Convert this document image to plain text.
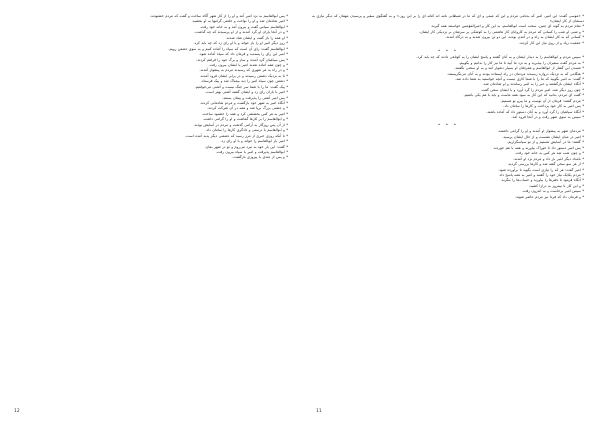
* «موسی گفت: این امیر، امیر که بدنامی مردم و این که عیمی و ای که ما در شیطانی نامه اند کتانه ای را بر این روز.» و به گفتگوی سفیر و پرسیدن مهمان که دیگر نیازی به دستمان از کار ایشان»

* تمام مردم به گونه ای چنین، سخت است ابوالقاسم، به این کار و امیرالمؤمنین خواستند همه گیرند.

* و شبی او شب را کسانی که مردم به کاروانان کار هاشمی را به کوشکی بر سرشان بر نزدیکی کار ایشان.

* کسانی که به کار ایشان به راه و در آمدن بودند، این دو تن بیرون شدند و به درگاه آمدند.

* جمعیت زیاد و از روی نیاز این کار کردند.

• • •

* سپس مردم و ابوالقاسم را به دیدار ایشان و به آنان گفتند و پاسخ ایشان را به کوتاهی دادند که چه باید کرد.

* به مردم گفت سفیران را بپذیرید و به نزد ما آیید تا ما نیز کار را بدانیم و بگوییم.

* شنیدن این گفتار از ابوالقاسم و همراهان او بسیار دشوار آمد و به او سخنی نگفتند.

* هنگامی که به نزدیک دروازه رسیدند مردمان در راه ایستاده بودند و به آنان می‌نگریستند.

* گفت: به امیر بگویید که ما را با شما کاری نیست و آنچه خواستید به شما داده شد.

* آنگاه ایشان بازگشتند و خبر را به امیر رساندند و او شادمان شد.

* چون روز دیگر شد، امیر مردم را گرد آورد و با ایشان سخن گفت.

* گفت ای مردم، بدانید که این کار به سود همه ماست و باید با هم یکی باشیم.

* مردم گفتند: فرمان از آن توست و ما پیرو تو هستیم.

* پس امیر به کار خود پرداخت و کارها را سامان داد.

* آنگاه سپاهیان را گرد آورد و به آنان دستور داد که آماده باشند.

* سپس به سوی شهر رفت و در آنجا فرود آمد.

• • •

* مردمان شهر به پیشواز او آمدند و او را گرامی داشتند.

* امیر در میان ایشان نشست و از حال ایشان پرسید.

* گفتند: ما در آسایش هستیم و از تو سپاسگزاریم.

* پس امیر دستور داد تا خوراک بیاورند و همه با هم خوردند.

* و چون شب شد هر کس به خانه خود رفت.

* بامداد دیگر امیر بار داد و مردم نزد او آمدند.

* از هر سو سخن گفته شد و کارها بررسی گردید.

* امیر گفت: هر که را نیازی است بگوید تا برآورده شود.

* مردم یکایک نیاز خود را گفتند و امیر به همه پاسخ داد.

* آنگاه فرمود تا دفترها را بیاورند و حساب‌ها را بنگرند.

* و این کار تا نیمروز به درازا کشید.

* سپس امیر برخاست و به اندرون رفت.

* و فرمان داد که فردا نیز مردم حاضر شوند.

11

* پس ابوالقاسم به نزد امیر آمد و او را از کار شهر آگاه ساخت و گفت که مردم خشنودند.

* امیر شادمان شد و او را نواخت و خلعتی گرانبها به او بخشید.

* ابوالقاسم سپاس گفت و بیرون آمد و به خانه خود رفت.

* و در آنجا یاران او گرد آمدند و از او پرسیدند که چه گذشت.

* او همه را باز گفت و ایشان شاد شدند.

* روز دیگر امیر او را باز خواند و با او رای زد که چه باید کرد.

* ابوالقاسم گفت: رای آن است که سپاه را آماده کنیم و به سوی دشمن رویم.

* امیر این رای را پسندید و فرمان داد که سپاه آماده شود.

* پس سپاهیان گرد آمدند و ساز و برگ خود را فراهم کردند.

* و چون همه آماده شدند امیر با ایشان بیرون رفت.

* و در راه به هر شهری که رسیدند مردم به پیشواز آمدند.

* تا به نزدیک دشمن رسیدند و در برابر ایشان فرود آمدند.

* دشمن چون سپاه امیر را دید بیمناک شد و پیک فرستاد.

* پیک گفت: ما را با شما سر جنگ نیست و آشتی می‌خواهیم.

* امیر با یاران رای زد و ایشان گفتند آشتی بهتر است.

* پس امیر آشتی را پذیرفت و پیمان بستند.

* آنگاه امیر به شهر خود بازگشت و مردم شادمانی کردند.

* و جشنی بزرگ برپا شد و همه در آن شرکت کردند.

* امیر به هر کس بخششی کرد و همه را خشنود ساخت.

* و ابوالقاسم را بر کارها گماشت و او را گرامی داشت.

* از آن پس روزگار به آرامی گذشت و مردم در آسایش بودند.

* و ابوالقاسم با درستی و دادگری کارها را سامان داد.

* تا آنکه روزی خبری از مرز رسید که دشمنی دیگر پدید آمده است.

* امیر باز ابوالقاسم را خواند و با او رای زد.

* گفت: این بار خود به نبرد می‌روم و تو در شهر بمان.

* ابوالقاسم پذیرفت و امیر با سپاه بیرون رفت.

* و پس از چندی با پیروزی بازگشت.

12
